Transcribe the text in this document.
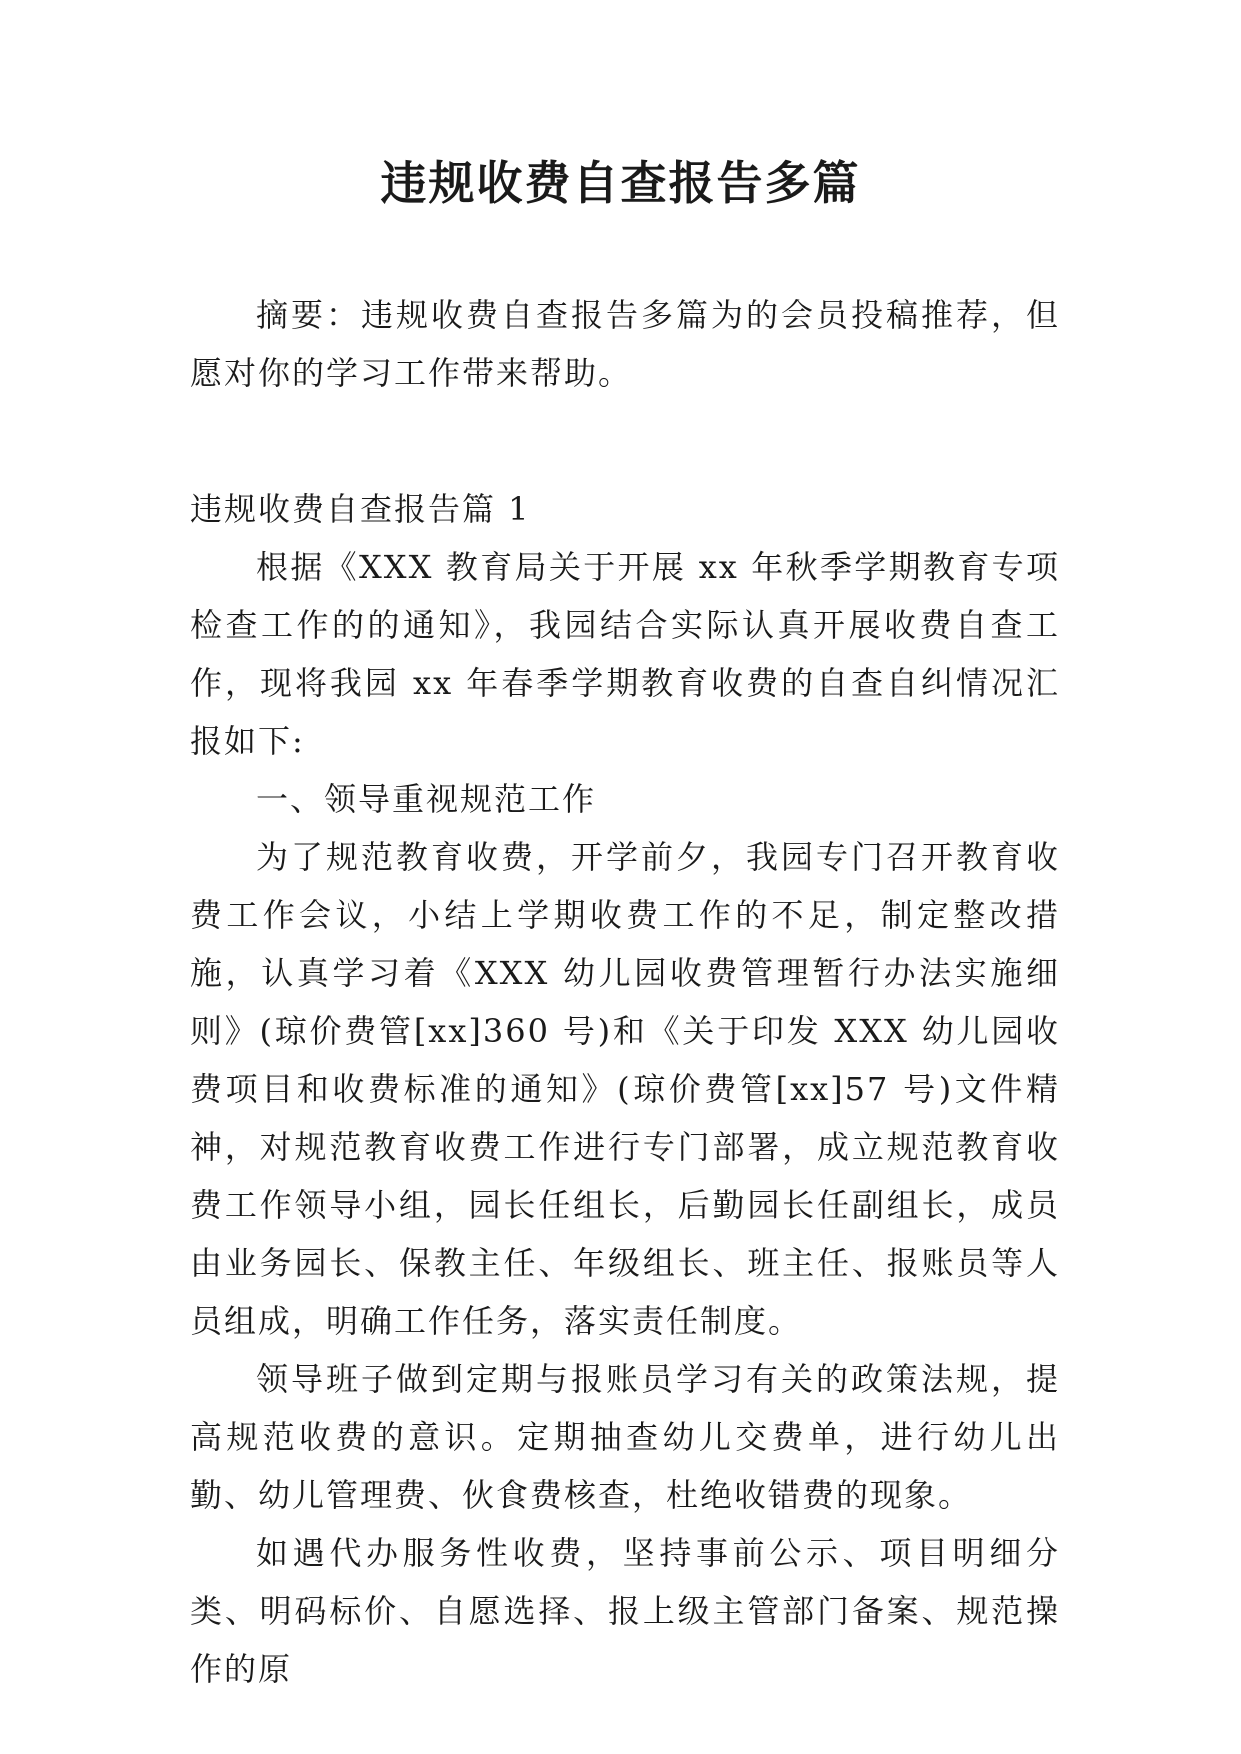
违规收费自查报告多篇

摘要：违规收费自查报告多篇为的会员投稿推荐，但愿对你的学习工作带来帮助。

违规收费自查报告篇 1

根据《XXX 教育局关于开展 xx 年秋季学期教育专项检查工作的的通知》，我园结合实际认真开展收费自查工作，现将我园 xx 年春季学期教育收费的自查自纠情况汇报如下:

一、领导重视规范工作

为了规范教育收费，开学前夕，我园专门召开教育收费工作会议，小结上学期收费工作的不足，制定整改措施，认真学习着《XXX 幼儿园收费管理暂行办法实施细则》(琼价费管[xx]360 号)和《关于印发 XXX 幼儿园收费项目和收费标准的通知》(琼价费管[xx]57 号)文件精神，对规范教育收费工作进行专门部署，成立规范教育收费工作领导小组，园长任组长，后勤园长任副组长，成员由业务园长、保教主任、年级组长、班主任、报账员等人员组成，明确工作任务，落实责任制度。

领导班子做到定期与报账员学习有关的政策法规，提高规范收费的意识。定期抽查幼儿交费单，进行幼儿出勤、幼儿管理费、伙食费核查，杜绝收错费的现象。

如遇代办服务性收费，坚持事前公示、项目明细分类、明码标价、自愿选择、报上级主管部门备案、规范操作的原
